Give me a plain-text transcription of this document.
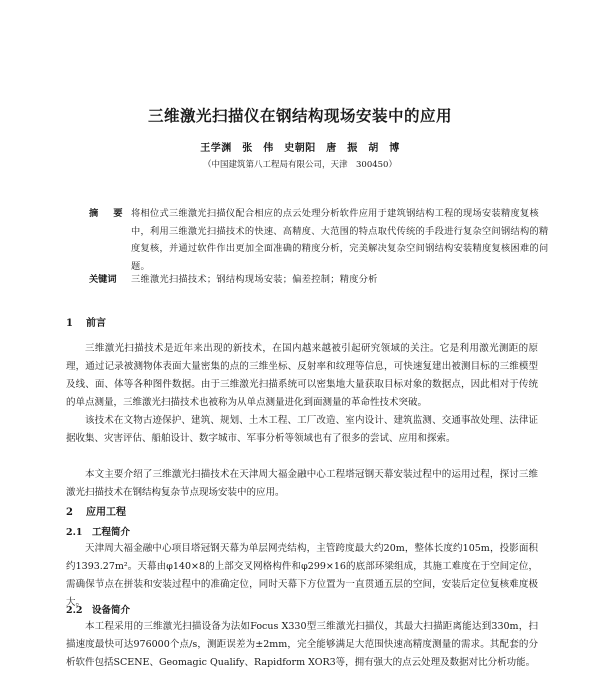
三维激光扫描仪在钢结构现场安装中的应用
王学渊　张　伟　史朝阳　唐　振　胡　博
（中国建筑第八工程局有限公司，天津　300450）
摘　要 将相位式三维激光扫描仪配合相应的点云处理分析软件应用于建筑钢结构工程的现场安装精度复核中，利用三维激光扫描技术的快速、高精度、大范围的特点取代传统的手段进行复杂空间钢结构的精度复核，并通过软件作出更加全面准确的精度分析，完美解决复杂空间钢结构安装精度复核困难的问题。
关键词 三维激光扫描技术；钢结构现场安装；偏差控制；精度分析
1 前言
三维激光扫描技术是近年来出现的新技术，在国内越来越被引起研究领域的关注。它是利用激光测距的原理，通过记录被测物体表面大量密集的点的三维坐标、反射率和纹理等信息，可快速复建出被测目标的三维模型及线、面、体等各种图件数据。由于三维激光扫描系统可以密集地大量获取目标对象的数据点，因此相对于传统的单点测量，三维激光扫描技术也被称为从单点测量进化到面测量的革命性技术突破。
该技术在文物古迹保护、建筑、规划、土木工程、工厂改造、室内设计、建筑监测、交通事故处理、法律证据收集、灾害评估、船舶设计、数字城市、军事分析等领域也有了很多的尝试、应用和探索。
本文主要介绍了三维激光扫描技术在天津周大福金融中心工程塔冠钢天幕安装过程中的运用过程，探讨三维激光扫描技术在钢结构复杂节点现场安装中的应用。
2 应用工程
2.1 工程简介
天津周大福金融中心项目塔冠钢天幕为单层网壳结构，主管跨度最大约20m，整体长度约105m，投影面积约1393.27m²。天幕由φ140×8的上部交叉网格构件和φ299×16的底部环梁组成，其施工难度在于空间定位，需确保节点在拼装和安装过程中的准确定位，同时天幕下方位置为一直贯通五层的空间，安装后定位复核难度极大。
2.2 设备简介
本工程采用的三维激光扫描设备为法如Focus X330型三维激光扫描仪，其最大扫描距离能达到330m，扫描速度最快可达976000个点/s，测距误差为±2mm，完全能够满足大范围快速高精度测量的需求。其配套的分析软件包括SCENE、Geomagic Qualify、Rapidform XOR3等，拥有强大的点云处理及数据对比分析功能。
